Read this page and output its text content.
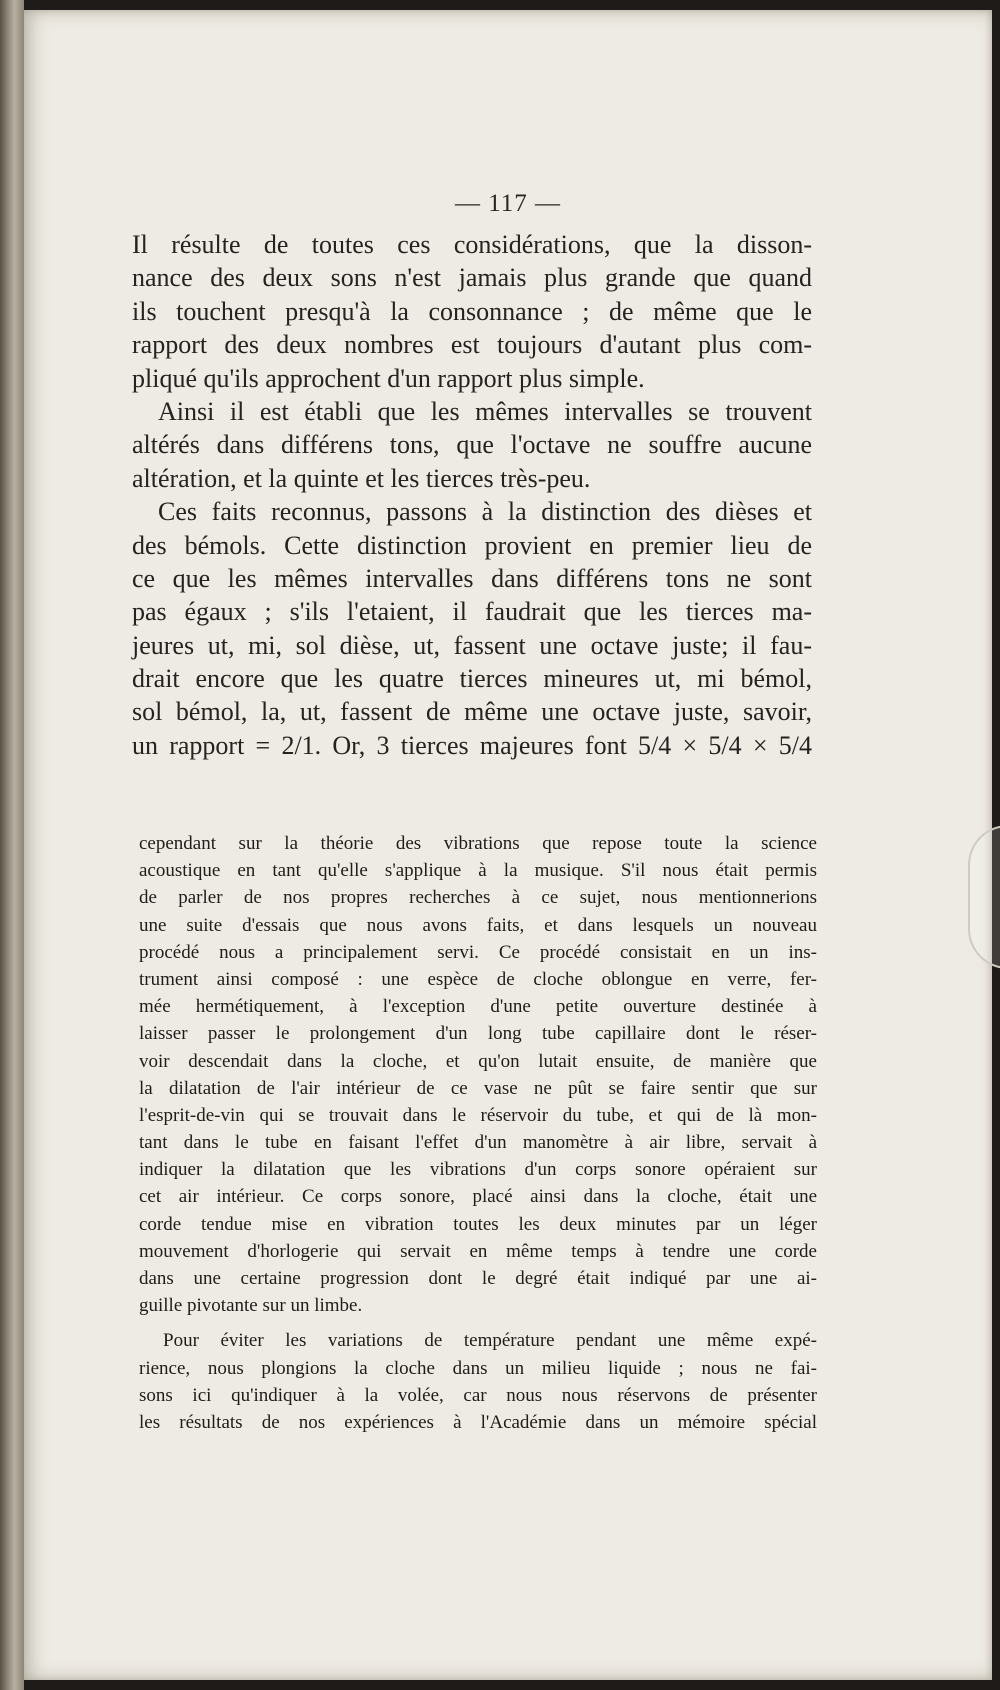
— 117 —

Il résulte de toutes ces considérations, que la disson-

nance des deux sons n'est jamais plus grande que quand

ils touchent presqu'à la consonnance ; de même que le

rapport des deux nombres est toujours d'autant plus com-

pliqué qu'ils approchent d'un rapport plus simple.

Ainsi il est établi que les mêmes intervalles se trouvent

altérés dans différens tons, que l'octave ne souffre aucune

altération, et la quinte et les tierces très-peu.

Ces faits reconnus, passons à la distinction des dièses et

des bémols. Cette distinction provient en premier lieu de

ce que les mêmes intervalles dans différens tons ne sont

pas égaux ; s'ils l'etaient, il faudrait que les tierces ma-

jeures ut, mi, sol dièse, ut, fassent une octave juste; il fau-

drait encore que les quatre tierces mineures ut, mi bémol,

sol bémol, la, ut, fassent de même une octave juste, savoir,

un rapport = 2/1. Or, 3 tierces majeures font 5/4 × 5/4 × 5/4

cependant sur la théorie des vibrations que repose toute la science

acoustique en tant qu'elle s'applique à la musique. S'il nous était permis

de parler de nos propres recherches à ce sujet, nous mentionnerions

une suite d'essais que nous avons faits, et dans lesquels un nouveau

procédé nous a principalement servi. Ce procédé consistait en un ins-

trument ainsi composé : une espèce de cloche oblongue en verre, fer-

mée hermétiquement, à l'exception d'une petite ouverture destinée à

laisser passer le prolongement d'un long tube capillaire dont le réser-

voir descendait dans la cloche, et qu'on lutait ensuite, de manière que

la dilatation de l'air intérieur de ce vase ne pût se faire sentir que sur

l'esprit-de-vin qui se trouvait dans le réservoir du tube, et qui de là mon-

tant dans le tube en faisant l'effet d'un manomètre à air libre, servait à

indiquer la dilatation que les vibrations d'un corps sonore opéraient sur

cet air intérieur. Ce corps sonore, placé ainsi dans la cloche, était une

corde tendue mise en vibration toutes les deux minutes par un léger

mouvement d'horlogerie qui servait en même temps à tendre une corde

dans une certaine progression dont le degré était indiqué par une ai-

guille pivotante sur un limbe.

Pour éviter les variations de température pendant une même expé-

rience, nous plongions la cloche dans un milieu liquide ; nous ne fai-

sons ici qu'indiquer à la volée, car nous nous réservons de présenter

les résultats de nos expériences à l'Académie dans un mémoire spécial
